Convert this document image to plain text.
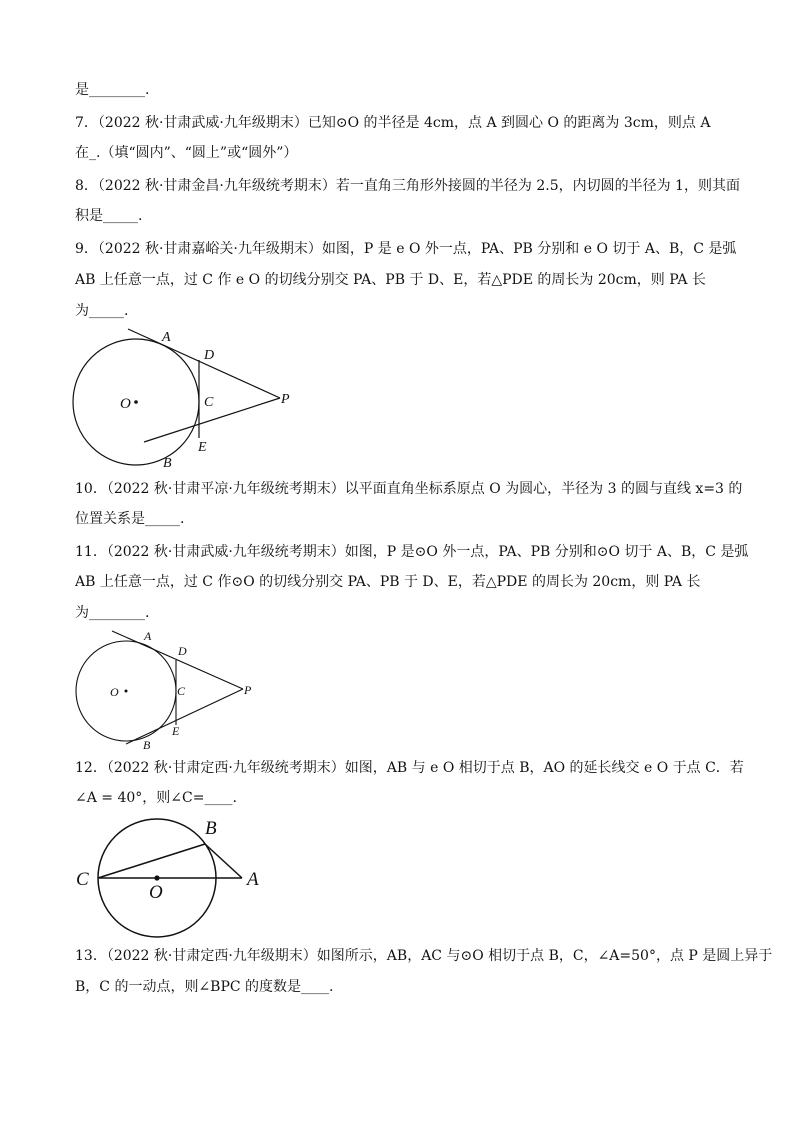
是________.
7．（2022 秋·甘肃武威·九年级期末）已知⊙O 的半径是 4cm，点 A 到圆心 O 的距离为 3cm，则点 A
在_.（填“圆内”、“圆上”或“圆外”）
8．（2022 秋·甘肃金昌·九年级统考期末）若一直角三角形外接圆的半径为 2.5，内切圆的半径为 1，则其面
积是_____.
9．（2022 秋·甘肃嘉峪关·九年级期末）如图，P 是 e O 外一点，PA、PB 分别和 e O 切于 A、B，C 是弧
AB 上任意一点，过 C 作 e O 的切线分别交 PA、PB 于 D、E，若△PDE 的周长为 20cm，则 PA 长
为_____.
A
D
O	C	P
E
B
10．（2022 秋·甘肃平凉·九年级统考期末）以平面直角坐标系原点 O 为圆心，半径为 3 的圆与直线 x=3 的
位置关系是_____.
11．（2022 秋·甘肃武威·九年级统考期末）如图，P 是⊙O 外一点，PA、PB 分别和⊙O 切于 A、B，C 是弧
AB 上任意一点，过 C 作⊙O 的切线分别交 PA、PB 于 D、E，若△PDE 的周长为 20cm，则 PA 长
为________.
A
D
O	C	P
E
B
12．（2022 秋·甘肃定西·九年级统考期末）如图，AB 与 e O 相切于点 B，AO 的延长线交 e O 于点 C．若
∠A = 40°，则∠C=____.
B
C	A
O
13．（2022 秋·甘肃定西·九年级期末）如图所示，AB，AC 与⊙O 相切于点 B，C，∠A=50°，点 P 是圆上异于
B，C 的一动点，则∠BPC 的度数是____.
